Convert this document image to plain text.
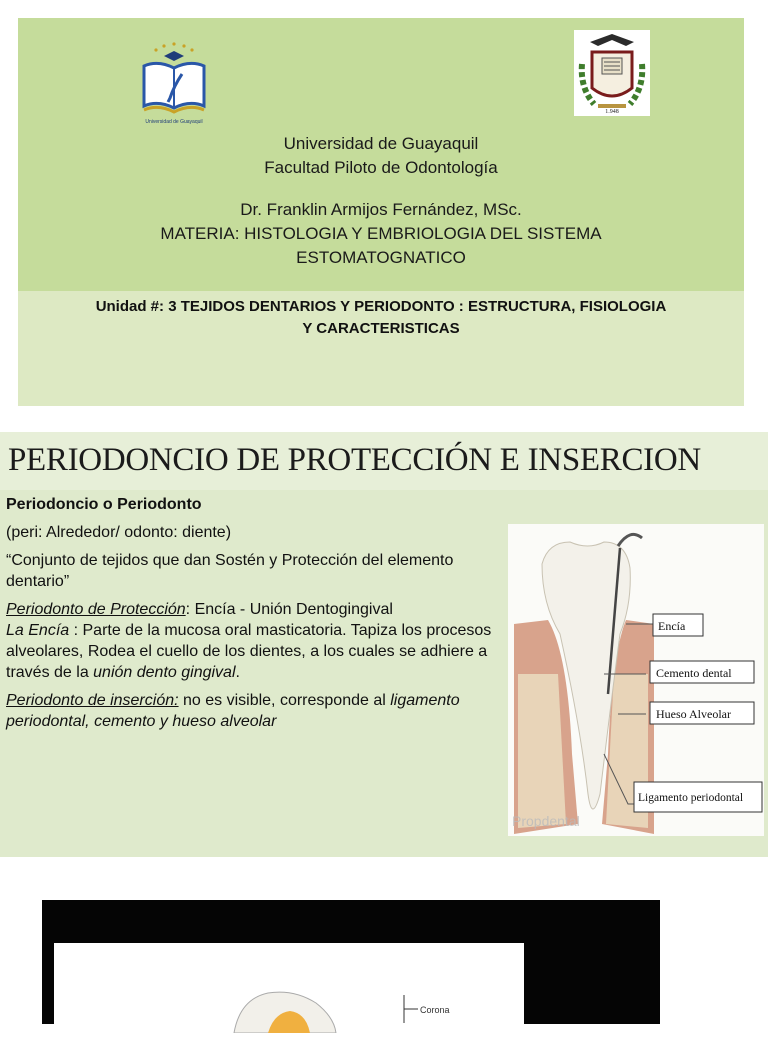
Universidad de Guayaquil
1.948
Universidad de Guayaquil
Facultad Piloto de Odontología
Dr. Franklin Armijos Fernández, MSc.
MATERIA: HISTOLOGIA Y EMBRIOLOGIA DEL SISTEMA
ESTOMATOGNATICO
Unidad #: 3 TEJIDOS DENTARIOS Y PERIODONTO : ESTRUCTURA, FISIOLOGIA
Y CARACTERISTICAS
PERIODONCIO DE PROTECCIÓN E INSERCION

Periodoncio o Periodonto

(peri: Alrededor/ odonto: diente)

“Conjunto de tejidos que dan Sostén y Protección del elemento dentario”

Periodonto de Protección: Encía - Unión Dentogingival

La Encía : Parte de la mucosa oral masticatoria. Tapiza los procesos alveolares, Rodea el cuello de los dientes, a los cuales se adhiere a través de la unión dento gingival.

Periodonto de inserción: no es visible, corresponde al ligamento periodontal, cemento y hueso alveolar

Encía
Cemento dental
Hueso Alveolar
Ligamento periodontal
Propdental
Corona
